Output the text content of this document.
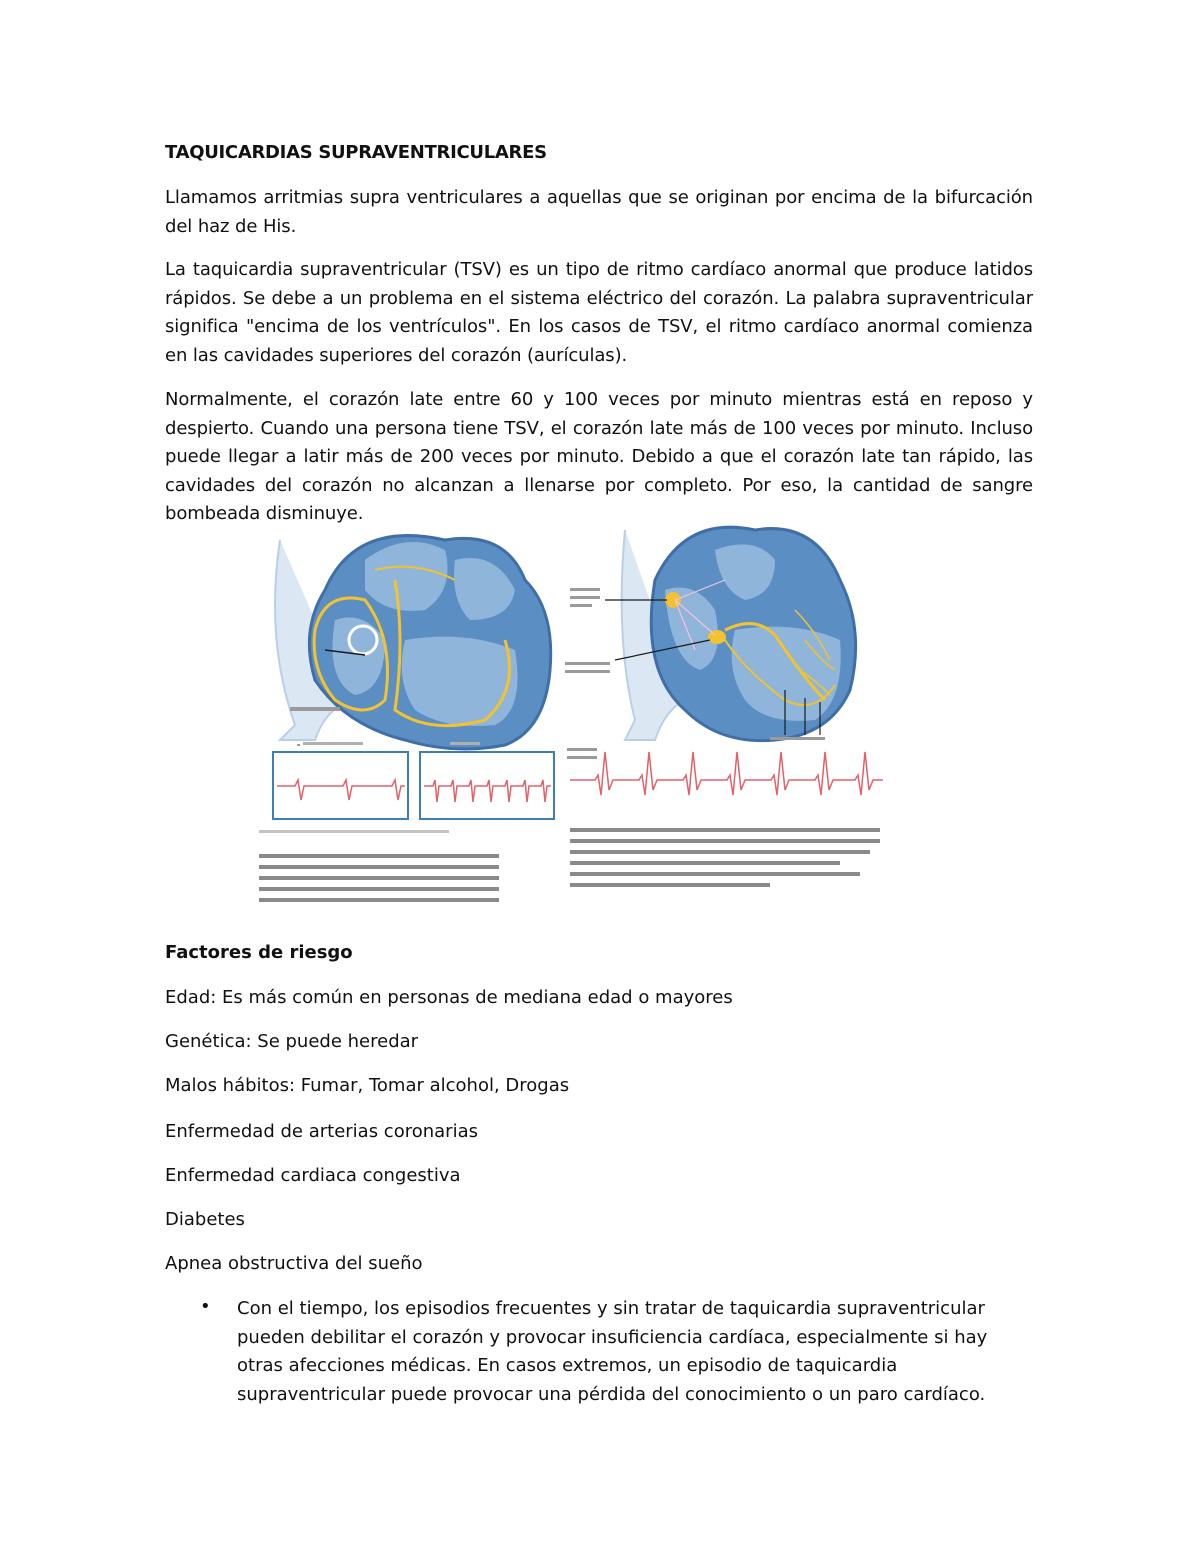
TAQUICARDIAS SUPRAVENTRICULARES
Llamamos arritmias supra ventriculares a aquellas que se originan por encima de la bifurcación del haz de His.
La taquicardia supraventricular (TSV) es un tipo de ritmo cardíaco anormal que produce latidos rápidos. Se debe a un problema en el sistema eléctrico del corazón. La palabra supraventricular significa "encima de los ventrículos". En los casos de TSV, el ritmo cardíaco anormal comienza en las cavidades superiores del corazón (aurículas).
Normalmente, el corazón late entre 60 y 100 veces por minuto mientras está en reposo y despierto. Cuando una persona tiene TSV, el corazón late más de 100 veces por minuto. Incluso puede llegar a latir más de 200 veces por minuto. Debido a que el corazón late tan rápido, las cavidades del corazón no alcanzan a llenarse por completo. Por eso, la cantidad de sangre bombeada disminuye.
Factores de riesgo
Edad: Es más común en personas de mediana edad o mayores
Genética: Se puede heredar
Malos hábitos: Fumar, Tomar alcohol, Drogas
Enfermedad de arterias coronarias
Enfermedad cardiaca congestiva
Diabetes
Apnea obstructiva del sueño
•	Con el tiempo, los episodios frecuentes y sin tratar de taquicardia supraventricular pueden debilitar el corazón y provocar insuficiencia cardíaca, especialmente si hay otras afecciones médicas. En casos extremos, un episodio de taquicardia supraventricular puede provocar una pérdida del conocimiento o un paro cardíaco.
